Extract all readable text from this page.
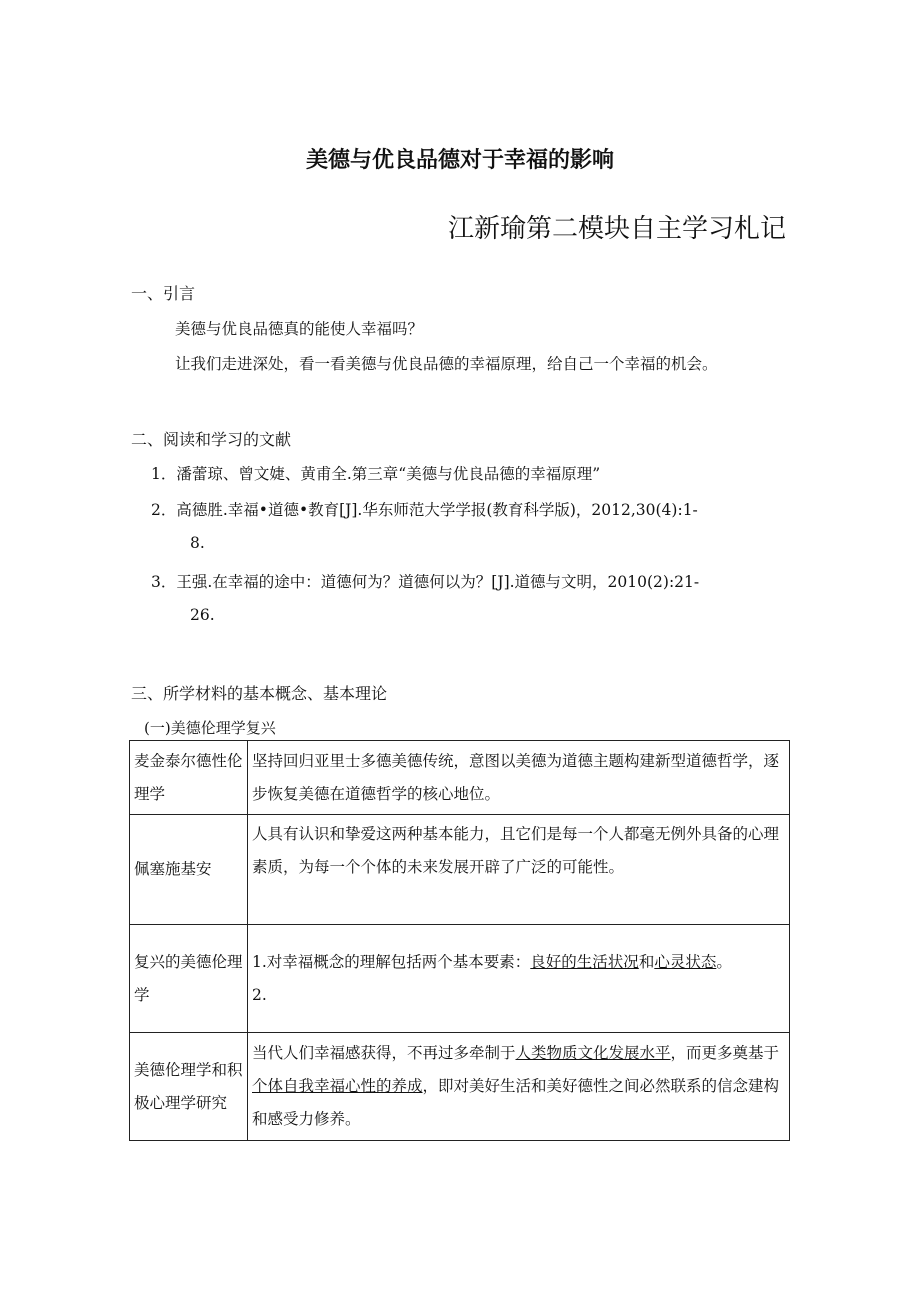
美德与优良品德对于幸福的影响
江新瑜第二模块自主学习札记
一、引言
美德与优良品德真的能使人幸福吗？
让我们走进深处，看一看美德与优良品德的幸福原理，给自己一个幸福的机会。
二、阅读和学习的文献
1．潘蕾琼、曾文婕、黄甫全.第三章“美德与优良品德的幸福原理”
2．高德胜.幸福•道德•教育[J].华东师范大学学报(教育科学版)，2012,30(4):1-
8.
3．王强.在幸福的途中：道德何为？道德何以为？[J].道德与文明，2010(2):21-
26.
三、所学材料的基本概念、基本理论
(一)美德伦理学复兴
麦金泰尔德性伦理学	坚持回归亚里士多德美德传统，意图以美德为道德主题构建新型道德哲学，逐步恢复美德在道德哲学的核心地位。
佩塞施基安	人具有认识和挚爱这两种基本能力，且它们是每一个人都毫无例外具备的心理素质，为每一个个体的未来发展开辟了广泛的可能性。
复兴的美德伦理学	1.对幸福概念的理解包括两个基本要素：良好的生活状况和心灵状态。
2.

美德伦理学和积极心理学研究	当代人们幸福感获得，不再过多牵制于人类物质文化发展水平，而更多奠基于个体自我幸福心性的养成，即对美好生活和美好德性之间必然联系的信念建构和感受力修养。
